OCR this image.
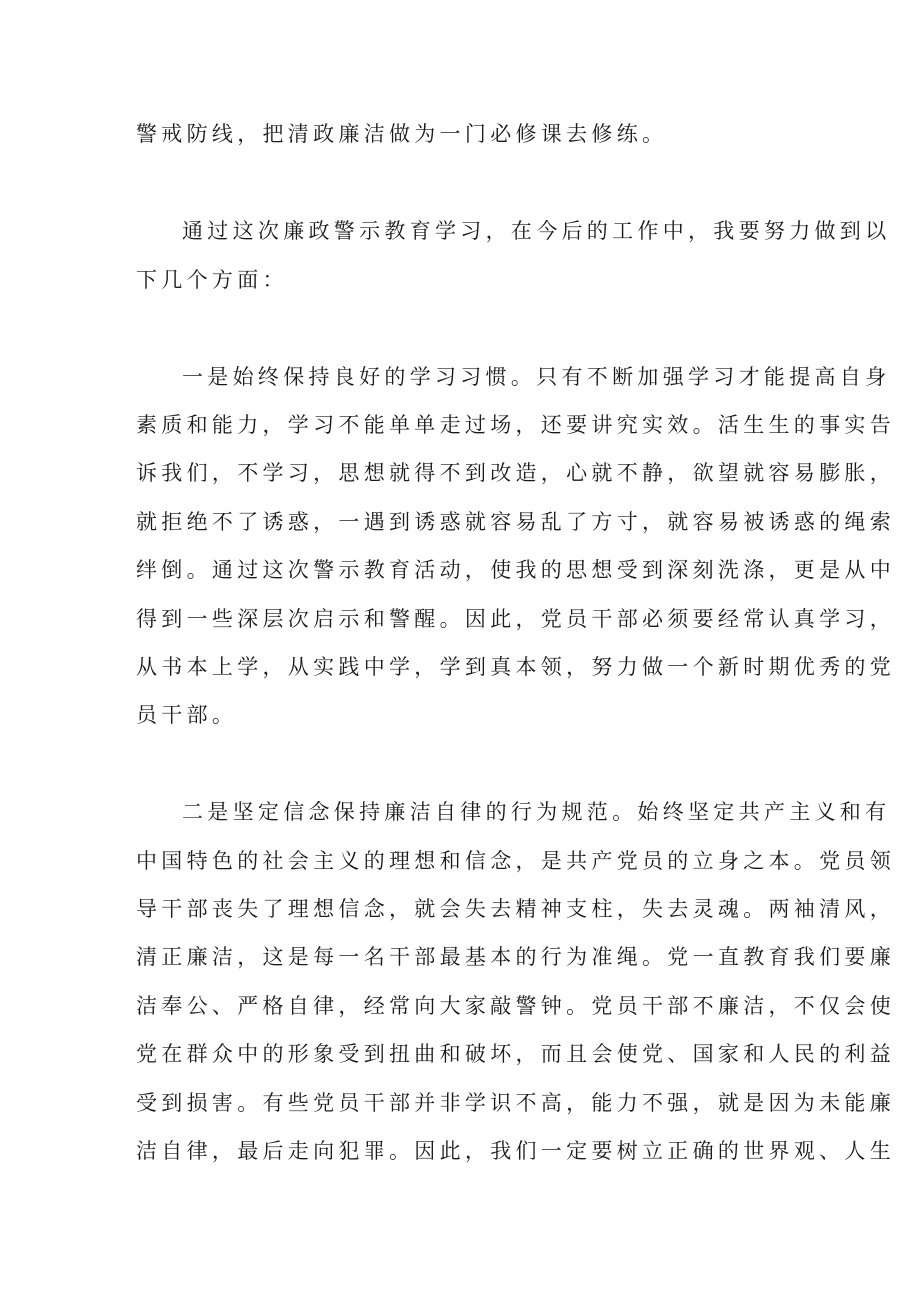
警戒防线，把清政廉洁做为一门必修课去修练。
通过这次廉政警示教育学习，在今后的工作中，我要努力做到以
下几个方面：
一是始终保持良好的学习习惯。只有不断加强学习才能提高自身
素质和能力，学习不能单单走过场，还要讲究实效。活生生的事实告
诉我们，不学习，思想就得不到改造，心就不静，欲望就容易膨胀，
就拒绝不了诱惑，一遇到诱惑就容易乱了方寸，就容易被诱惑的绳索
绊倒。通过这次警示教育活动，使我的思想受到深刻洗涤，更是从中
得到一些深层次启示和警醒。因此，党员干部必须要经常认真学习，
从书本上学，从实践中学，学到真本领，努力做一个新时期优秀的党
员干部。
二是坚定信念保持廉洁自律的行为规范。始终坚定共产主义和有
中国特色的社会主义的理想和信念，是共产党员的立身之本。党员领
导干部丧失了理想信念，就会失去精神支柱，失去灵魂。两袖清风，
清正廉洁，这是每一名干部最基本的行为准绳。党一直教育我们要廉
洁奉公、严格自律，经常向大家敲警钟。党员干部不廉洁，不仅会使
党在群众中的形象受到扭曲和破坏，而且会使党、国家和人民的利益
受到损害。有些党员干部并非学识不高，能力不强，就是因为未能廉
洁自律，最后走向犯罪。因此，我们一定要树立正确的世界观、人生
